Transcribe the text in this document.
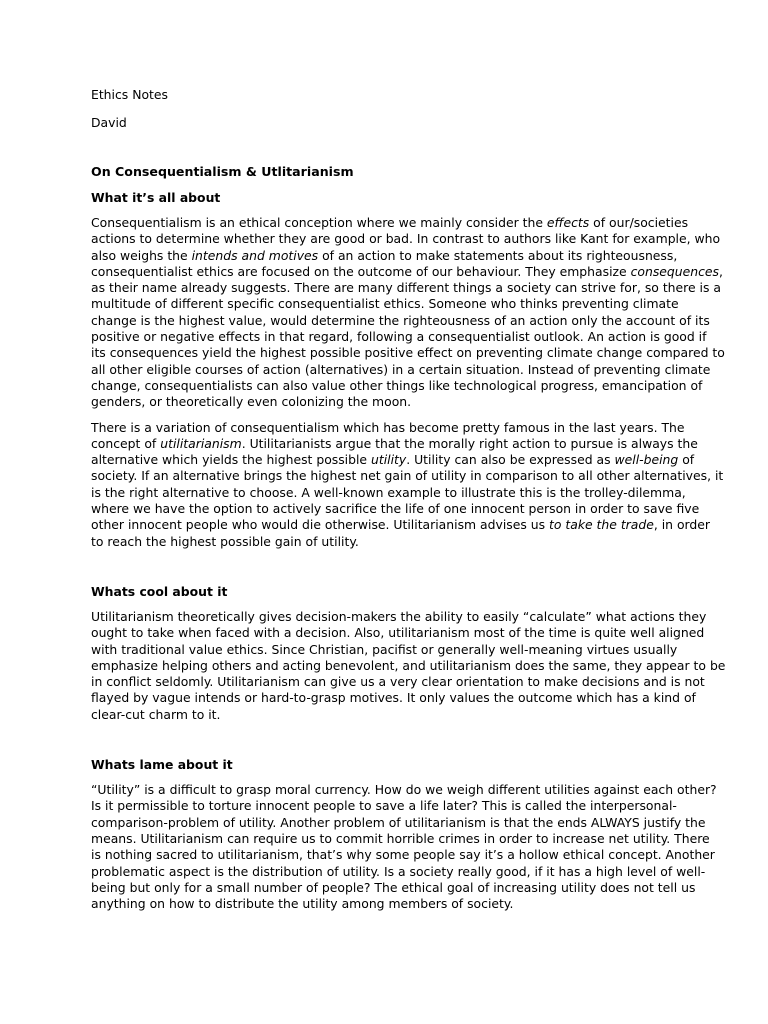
Ethics Notes

David

On Consequentialism & Utlitarianism
What it’s all about

Consequentialism is an ethical conception where we mainly consider the effects of our/societies
actions to determine whether they are good or bad. In contrast to authors like Kant for example, who
also weighs the intends and motives of an action to make statements about its righteousness,
consequentialist ethics are focused on the outcome of our behaviour. They emphasize consequences,
as their name already suggests. There are many different things a society can strive for, so there is a
multitude of different specific consequentialist ethics. Someone who thinks preventing climate
change is the highest value, would determine the righteousness of an action only the account of its
positive or negative effects in that regard, following a consequentialist outlook. An action is good if
its consequences yield the highest possible positive effect on preventing climate change compared to
all other eligible courses of action (alternatives) in a certain situation. Instead of preventing climate
change, consequentialists can also value other things like technological progress, emancipation of
genders, or theoretically even colonizing the moon.

There is a variation of consequentialism which has become pretty famous in the last years. The
concept of utilitarianism. Utilitarianists argue that the morally right action to pursue is always the
alternative which yields the highest possible utility. Utility can also be expressed as well-being of
society. If an alternative brings the highest net gain of utility in comparison to all other alternatives, it
is the right alternative to choose. A well-known example to illustrate this is the trolley-dilemma,
where we have the option to actively sacrifice the life of one innocent person in order to save five
other innocent people who would die otherwise. Utilitarianism advises us to take the trade, in order
to reach the highest possible gain of utility.

Whats cool about it

Utilitarianism theoretically gives decision-makers the ability to easily “calculate” what actions they
ought to take when faced with a decision. Also, utilitarianism most of the time is quite well aligned
with traditional value ethics. Since Christian, pacifist or generally well-meaning virtues usually
emphasize helping others and acting benevolent, and utilitarianism does the same, they appear to be
in conflict seldomly. Utilitarianism can give us a very clear orientation to make decisions and is not
flayed by vague intends or hard-to-grasp motives. It only values the outcome which has a kind of
clear-cut charm to it.

Whats lame about it

“Utility” is a difficult to grasp moral currency. How do we weigh different utilities against each other?
Is it permissible to torture innocent people to save a life later? This is called the interpersonal-
comparison-problem of utility. Another problem of utilitarianism is that the ends ALWAYS justify the
means. Utilitarianism can require us to commit horrible crimes in order to increase net utility. There
is nothing sacred to utilitarianism, that’s why some people say it’s a hollow ethical concept. Another
problematic aspect is the distribution of utility. Is a society really good, if it has a high level of well-
being but only for a small number of people? The ethical goal of increasing utility does not tell us
anything on how to distribute the utility among members of society.
